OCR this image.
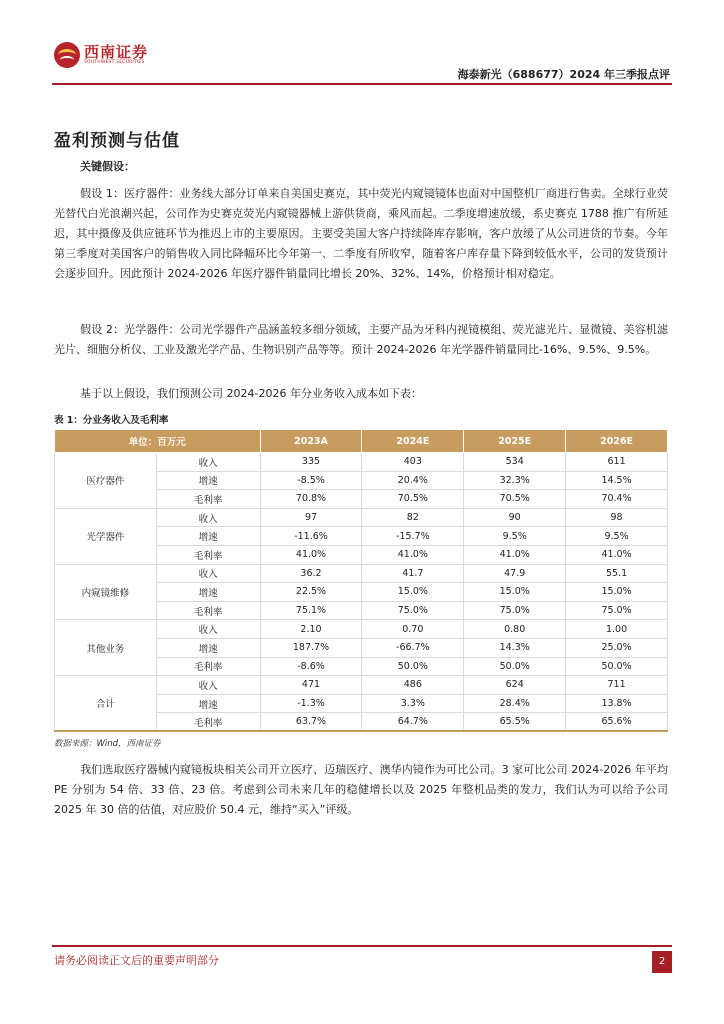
西南证券
SOUTHWEST SECURITIES
海泰新光（688677）2024 年三季报点评
盈利预测与估值
关键假设：
假设 1：医疗器件：业务线大部分订单来自美国史赛克，其中荧光内窥镜镜体也面对中国整机厂商进行售卖。全球行业荧光替代白光浪潮兴起，公司作为史赛克荧光内窥镜器械上游供货商，乘风而起。二季度增速放缓，系史赛克 1788 推广有所延迟，其中摄像及供应链环节为推迟上市的主要原因。主要受美国大客户持续降库存影响，客户放缓了从公司进货的节奏。今年第三季度对美国客户的销售收入同比降幅环比今年第一、二季度有所收窄，随着客户库存量下降到较低水平，公司的发货预计会逐步回升。因此预计 2024-2026 年医疗器件销量同比增长 20%、32%、14%，价格预计相对稳定。
假设 2：光学器件：公司光学器件产品涵盖较多细分领域，主要产品为牙科内视镜模组、荧光滤光片、显微镜、美容机滤光片、细胞分析仪、工业及激光学产品、生物识别产品等等。预计 2024-2026 年光学器件销量同比-16%、9.5%、9.5%。
基于以上假设，我们预测公司 2024-2026 年分业务收入成本如下表：
表 1：分业务收入及毛利率
单位：百万元		2023A	2024E	2025E	2026E
医疗器件	收入	335	403	534	611
	增速	-8.5%	20.4%	32.3%	14.5%
	毛利率	70.8%	70.5%	70.5%	70.4%
光学器件	收入	97	82	90	98
	增速	-11.6%	-15.7%	9.5%	9.5%
	毛利率	41.0%	41.0%	41.0%	41.0%
内窥镜维修	收入	36.2	41.7	47.9	55.1
	增速	22.5%	15.0%	15.0%	15.0%
	毛利率	75.1%	75.0%	75.0%	75.0%
其他业务	收入	2.10	0.70	0.80	1.00
	增速	187.7%	-66.7%	14.3%	25.0%
	毛利率	-8.6%	50.0%	50.0%	50.0%
合计	收入	471	486	624	711
	增速	-1.3%	3.3%	28.4%	13.8%
	毛利率	63.7%	64.7%	65.5%	65.6%
数据来源：Wind，西南证券
我们选取医疗器械内窥镜板块相关公司开立医疗、迈瑞医疗、澳华内镜作为可比公司。3 家可比公司 2024-2026 年平均 PE 分别为 54 倍、33 倍、23 倍。考虑到公司未来几年的稳健增长以及 2025 年整机品类的发力，我们认为可以给予公司 2025 年 30 倍的估值，对应股价 50.4 元，维持“买入”评级。
请务必阅读正文后的重要声明部分	2
